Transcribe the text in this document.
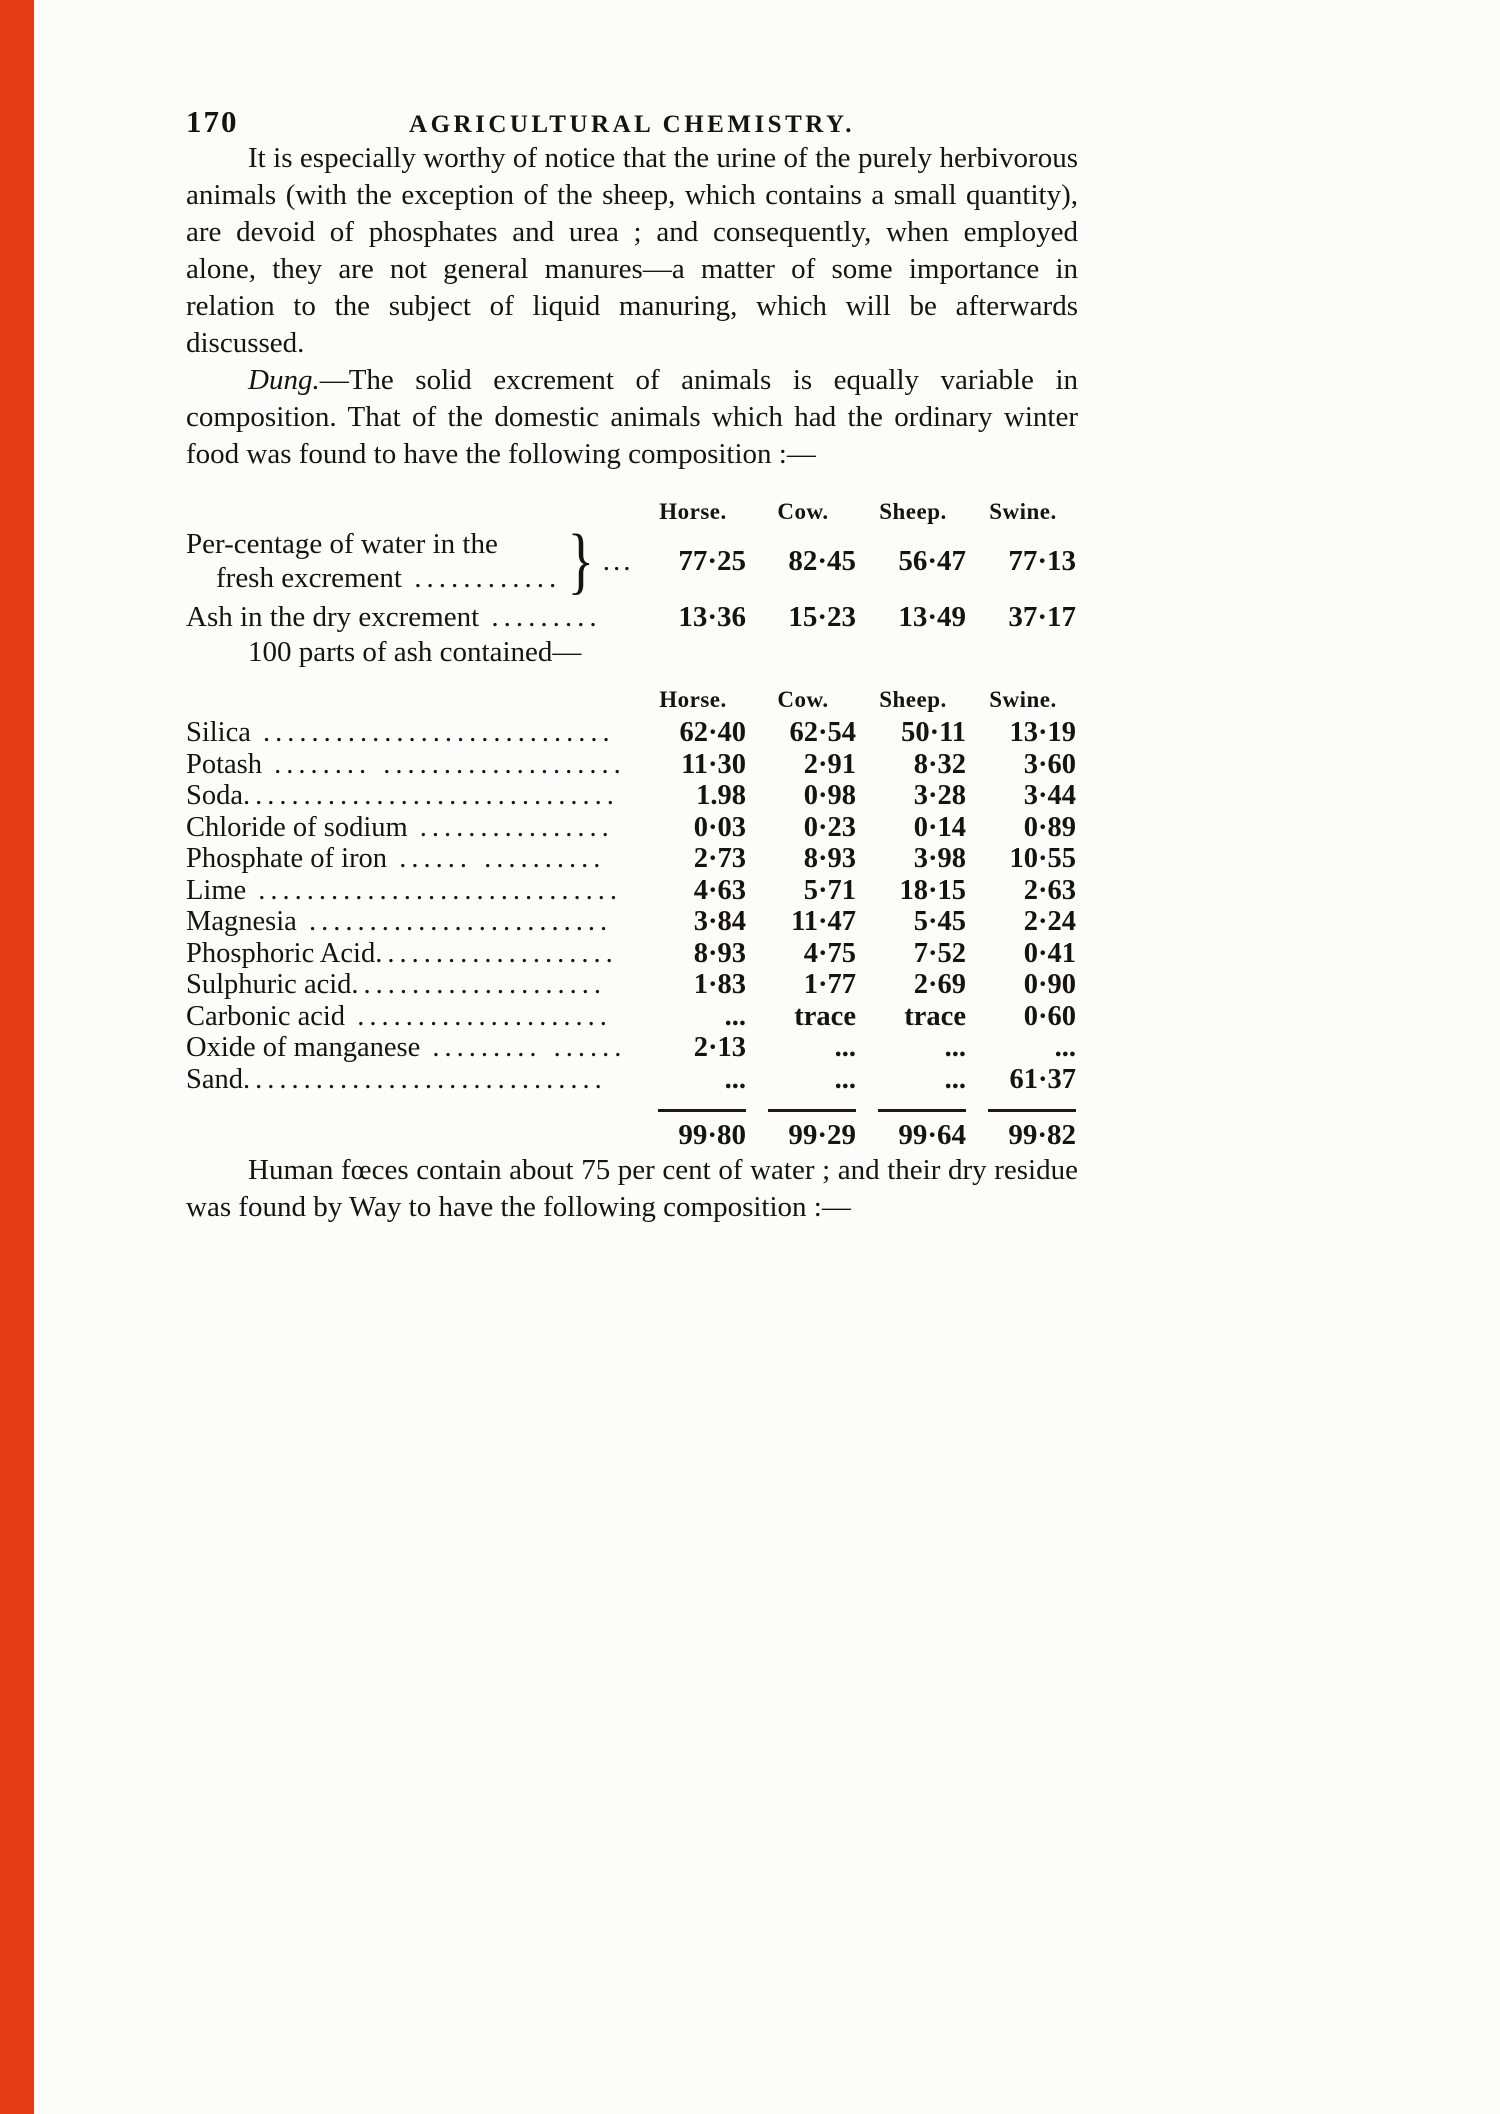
170	AGRICULTURAL CHEMISTRY.

It is especially worthy of notice that the urine of the purely herbivorous animals (with the exception of the sheep, which contains a small quantity), are devoid of phosphates and urea ; and consequently, when employed alone, they are not general manures—a matter of some importance in relation to the subject of liquid manuring, which will be afterwards discussed.

Dung.—The solid excrement of animals is equally variable in composition. That of the domestic animals which had the ordinary winter food was found to have the following composition :—

Horse.	Cow.	Sheep.	Swine.
Per-centage of water in the
fresh excrement ............ } ...	77·25	82·45	56·47	77·13
Ash in the dry excrement .........	13·36	15·23	13·49	37·17

100 parts of ash contained—

Horse.	Cow.	Sheep.	Swine.
Silica .............................	62·40	62·54	50·11	13·19
Potash ........ ....................	11·30	2·91	8·32	3·60
Soda...............................	1.98	0·98	3·28	3·44
Chloride of sodium ................	0·03	0·23	0·14	0·89
Phosphate of iron ...... ..........	2·73	8·93	3·98	10·55
Lime ..............................	4·63	5·71	18·15	2·63
Magnesia .........................	3·84	11·47	5·45	2·24
Phosphoric Acid....................	8·93	4·75	7·52	0·41
Sulphuric acid.....................	1·83	1·77	2·69	0·90
Carbonic acid .....................	...	trace	trace	0·60
Oxide of manganese ......... ......	2·13	...	...	...
Sand..............................	...	...	...	61·37
99·80	99·29	99·64	99·82

Human fœces contain about 75 per cent of water ; and their dry residue was found by Way to have the following composition :—
